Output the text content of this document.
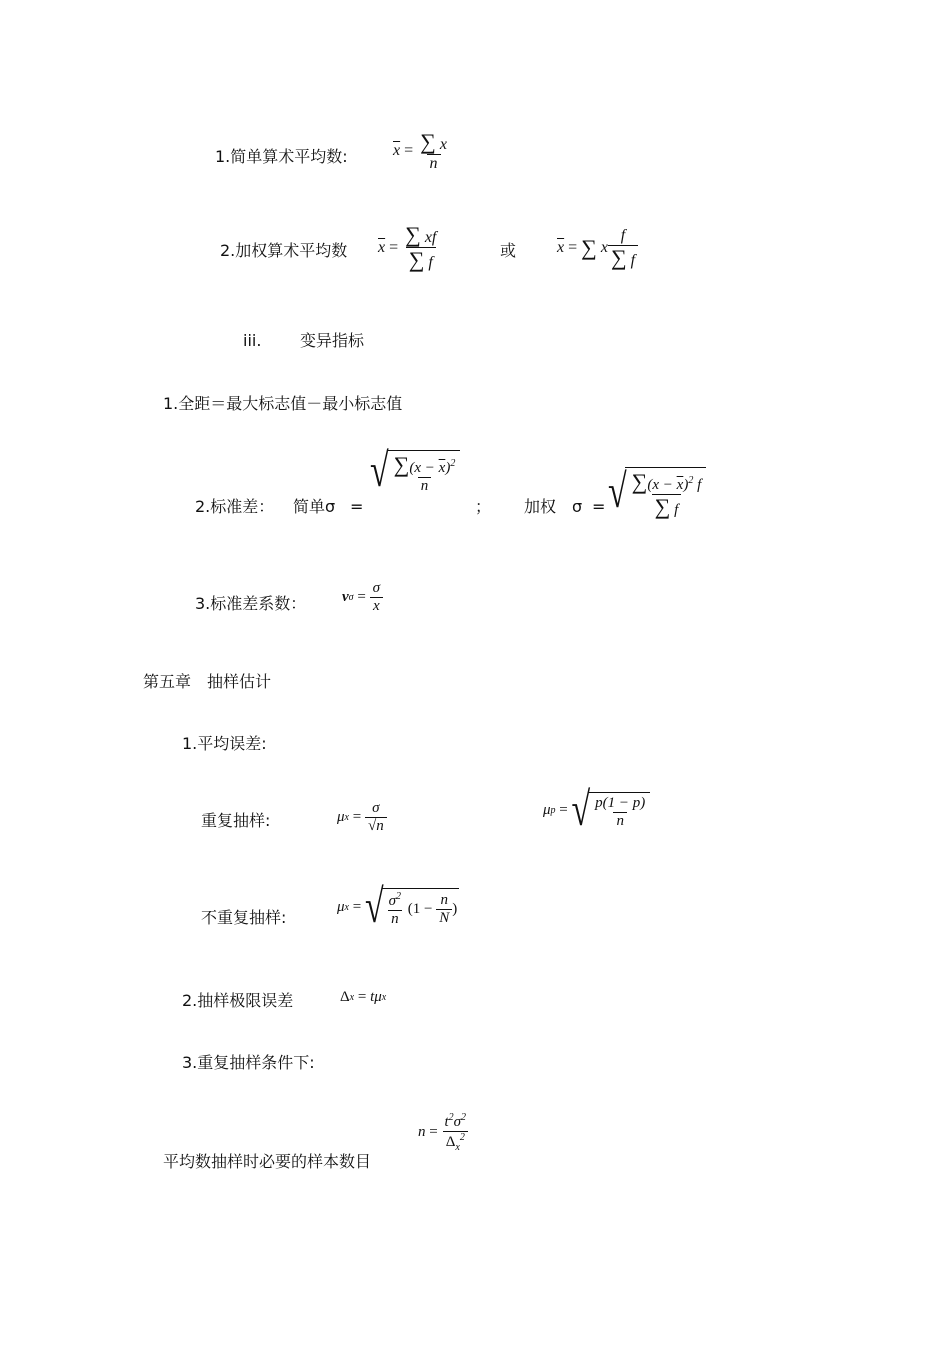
1.简单算术平均数:	$\overline{x} = \frac{\sum x}{n}$
2.加权算术平均数 $\overline{x} = \frac{\sum xf}{\sum f}$	或	$\overline{x}$ = ∑ x $\frac{f}{\sum f}$
iii. 变异指标
1.全距＝最大标志值－最小标志值
2.标准差： 简单σ =
√ $\frac{\sum(x - \overline{x})^2}{n}$
； 加权 σ = √ $\frac{\sum(x - \overline{x})^2 f}{\sum f}$
3.标准差系数： v $\sigma = \frac{\sigma}{x}$
第五章　抽样估计
1.平均误差:
重复抽样:	μ $x = \frac{\sigma}{√n}$	μ p = √ $\frac{p(1 - p)}{n}$
不重复抽样:
μ x = √ $\frac{\sigma^2}{n} (1 - \frac{n}{N}$ )
2.抽样极限误差	Δ x = tμ x
3.重复抽样条件下:
$n = \frac{t^2\sigma^2}{\Delta_x^2}$
平均数抽样时必要的样本数目
